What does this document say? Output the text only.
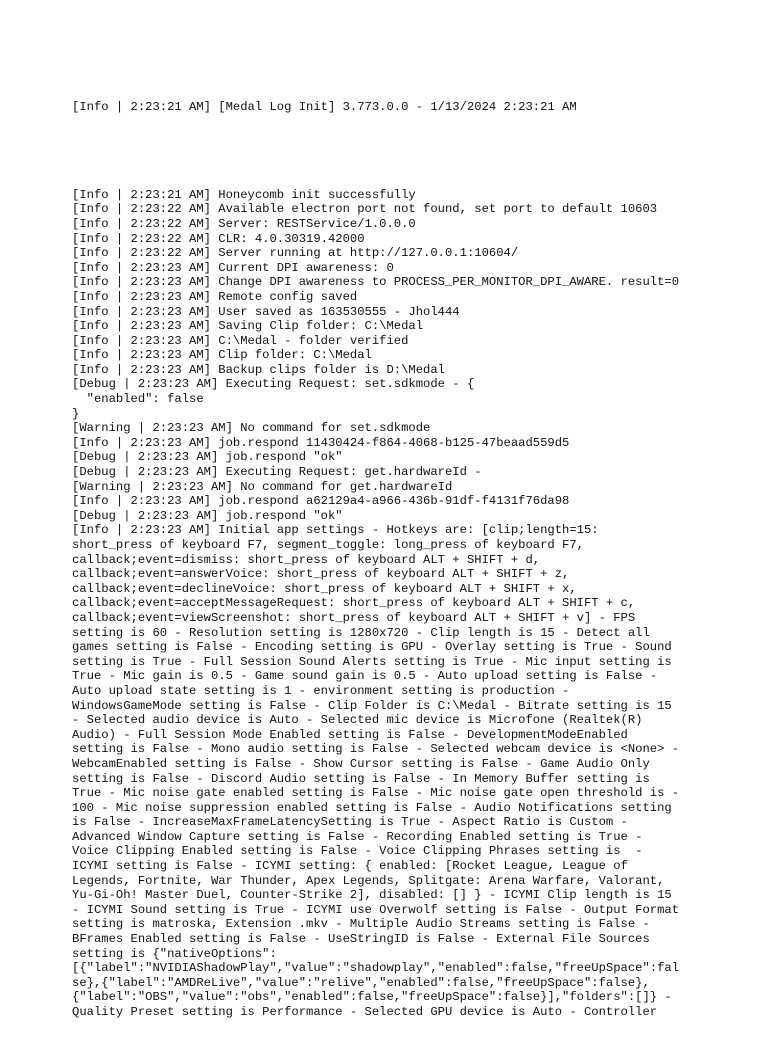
[Info | 2:23:21 AM] [Medal Log Init] 3.773.0.0 - 1/13/2024 2:23:21 AM

[Info | 2:23:21 AM] Honeycomb init successfully
[Info | 2:23:22 AM] Available electron port not found, set port to default 10603
[Info | 2:23:22 AM] Server: RESTService/1.0.0.0
[Info | 2:23:22 AM] CLR: 4.0.30319.42000
[Info | 2:23:22 AM] Server running at http://127.0.0.1:10604/
[Info | 2:23:23 AM] Current DPI awareness: 0
[Info | 2:23:23 AM] Change DPI awareness to PROCESS_PER_MONITOR_DPI_AWARE. result=0
[Info | 2:23:23 AM] Remote config saved
[Info | 2:23:23 AM] User saved as 163530555 - Jhol444
[Info | 2:23:23 AM] Saving Clip folder: C:\Medal
[Info | 2:23:23 AM] C:\Medal - folder verified
[Info | 2:23:23 AM] Clip folder: C:\Medal
[Info | 2:23:23 AM] Backup clips folder is D:\Medal
[Debug | 2:23:23 AM] Executing Request: set.sdkmode - {
"enabled": false
}
[Warning | 2:23:23 AM] No command for set.sdkmode
[Info | 2:23:23 AM] job.respond 11430424-f864-4068-b125-47beaad559d5
[Debug | 2:23:23 AM] job.respond "ok"
[Debug | 2:23:23 AM] Executing Request: get.hardwareId -
[Warning | 2:23:23 AM] No command for get.hardwareId
[Info | 2:23:23 AM] job.respond a62129a4-a966-436b-91df-f4131f76da98
[Debug | 2:23:23 AM] job.respond "ok"
[Info | 2:23:23 AM] Initial app settings - Hotkeys are: [clip;length=15:
short_press of keyboard F7, segment_toggle: long_press of keyboard F7,
callback;event=dismiss: short_press of keyboard ALT + SHIFT + d,
callback;event=answerVoice: short_press of keyboard ALT + SHIFT + z,
callback;event=declineVoice: short_press of keyboard ALT + SHIFT + x,
callback;event=acceptMessageRequest: short_press of keyboard ALT + SHIFT + c,
callback;event=viewScreenshot: short_press of keyboard ALT + SHIFT + v] - FPS
setting is 60 - Resolution setting is 1280x720 - Clip length is 15 - Detect all
games setting is False - Encoding setting is GPU - Overlay setting is True - Sound
setting is True - Full Session Sound Alerts setting is True - Mic input setting is
True - Mic gain is 0.5 - Game sound gain is 0.5 - Auto upload setting is False -
Auto upload state setting is 1 - environment setting is production -
WindowsGameMode setting is False - Clip Folder is C:\Medal - Bitrate setting is 15
- Selected audio device is Auto - Selected mic device is Microfone (Realtek(R)
Audio) - Full Session Mode Enabled setting is False - DevelopmentModeEnabled
setting is False - Mono audio setting is False - Selected webcam device is <None> -
WebcamEnabled setting is False - Show Cursor setting is False - Game Audio Only
setting is False - Discord Audio setting is False - In Memory Buffer setting is
True - Mic noise gate enabled setting is False - Mic noise gate open threshold is -
100 - Mic noise suppression enabled setting is False - Audio Notifications setting
is False - IncreaseMaxFrameLatencySetting is True - Aspect Ratio is Custom -
Advanced Window Capture setting is False - Recording Enabled setting is True -
Voice Clipping Enabled setting is False - Voice Clipping Phrases setting is  -
ICYMI setting is False - ICYMI setting: { enabled: [Rocket League, League of
Legends, Fortnite, War Thunder, Apex Legends, Splitgate: Arena Warfare, Valorant,
Yu-Gi-Oh! Master Duel, Counter-Strike 2], disabled: [] } - ICYMI Clip length is 15
- ICYMI Sound setting is True - ICYMI use Overwolf setting is False - Output Format
setting is matroska, Extension .mkv - Multiple Audio Streams setting is False -
BFrames Enabled setting is False - UseStringID is False - External File Sources
setting is {"nativeOptions":
[{"label":"NVIDIAShadowPlay","value":"shadowplay","enabled":false,"freeUpSpace":fal
se},{"label":"AMDReLive","value":"relive","enabled":false,"freeUpSpace":false},
{"label":"OBS","value":"obs","enabled":false,"freeUpSpace":false}],"folders":[]} -
Quality Preset setting is Performance - Selected GPU device is Auto - Controller
